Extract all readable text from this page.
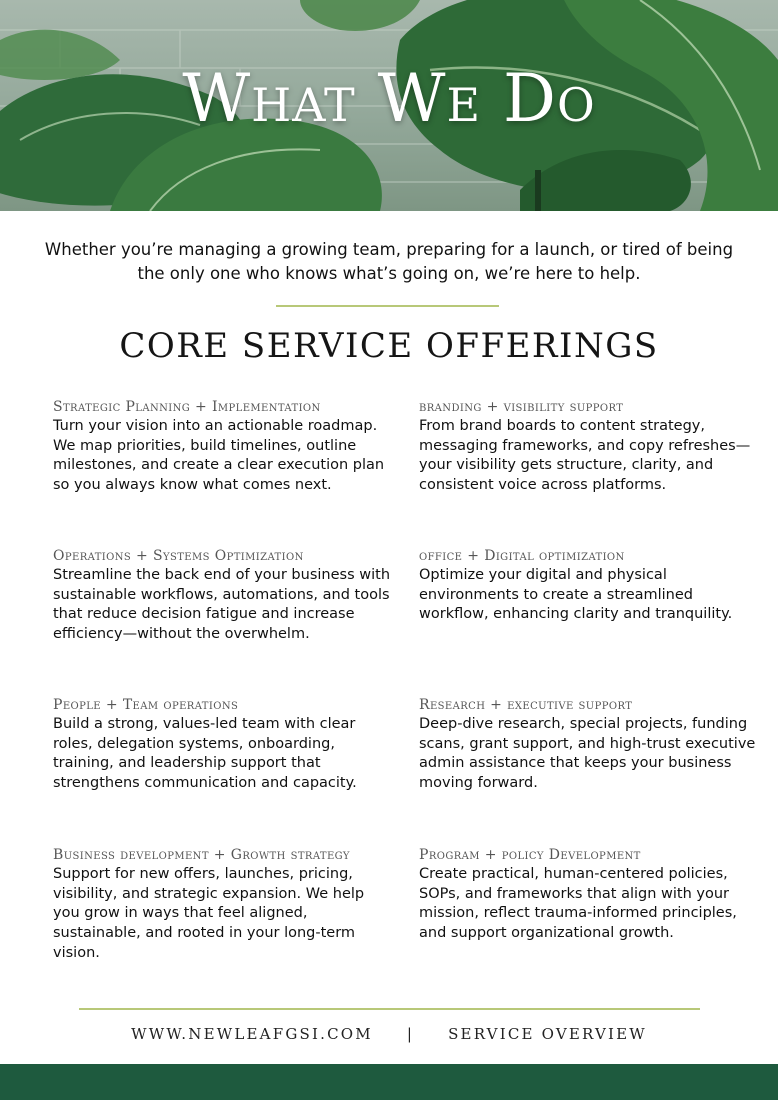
What We Do

Whether you’re managing a growing team, preparing for a launch, or tired of being the only one who knows what’s going on, we’re here to help.

CORE SERVICE OFFERINGS
Strategic Planning + Implementation

Turn your vision into an actionable roadmap. We map priorities, build timelines, outline milestones, and create a clear execution plan so you always know what comes next.

branding + visibility support

From brand boards to content strategy, messaging frameworks, and copy refreshes—your visibility gets structure, clarity, and consistent voice across platforms.

Operations + Systems Optimization

Streamline the back end of your business with sustainable workflows, automations, and tools that reduce decision fatigue and increase efficiency—without the overwhelm.

office + Digital optimization

Optimize your digital and physical environments to create a streamlined workflow, enhancing clarity and tranquility.

People + Team operations

Build a strong, values-led team with clear roles, delegation systems, onboarding, training, and leadership support that strengthens communication and capacity.

Research + executive support

Deep-dive research, special projects, funding scans, grant support, and high-trust executive admin assistance that keeps your business moving forward.

Business development + Growth strategy

Support for new offers, launches, pricing, visibility, and strategic expansion. We help you grow in ways that feel aligned, sustainable, and rooted in your long-term vision.

Program + policy Development

Create practical, human-centered policies, SOPs, and frameworks that align with your mission, reflect trauma-informed principles, and support organizational growth.

WWW.NEWLEAFGSI.COM | SERVICE OVERVIEW
